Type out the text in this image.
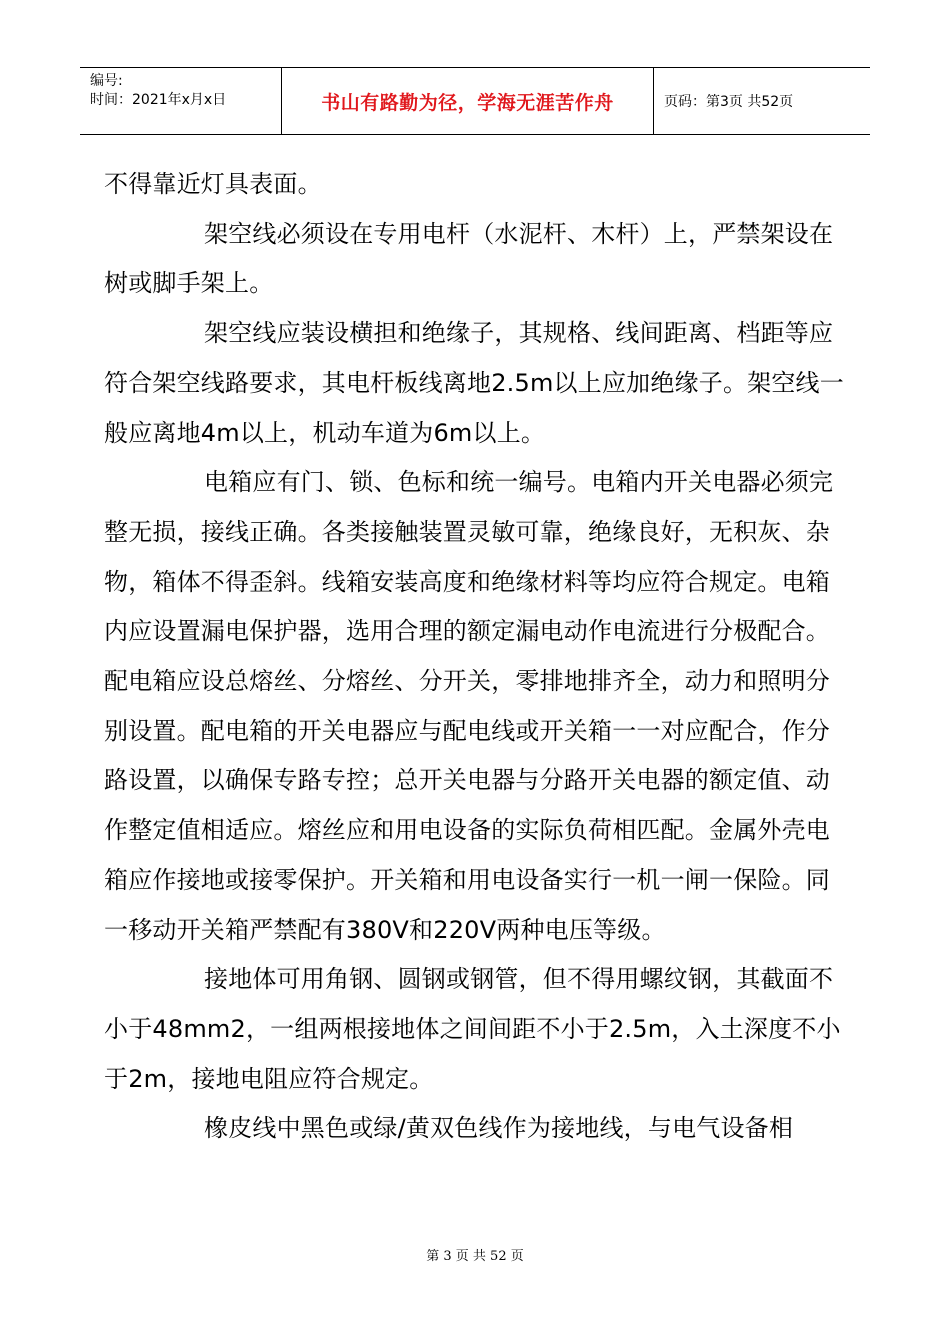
编号:
时间：2021年x月x日	书山有路勤为径，学海无涯苦作舟	页码：第3页 共52页

不得靠近灯具表面。

架空线必须设在专用电杆（水泥杆、木杆）上，严禁架设在树或脚手架上。

架空线应装设横担和绝缘子，其规格、线间距离、档距等应符合架空线路要求，其电杆板线离地2.5m以上应加绝缘子。架空线一般应离地4m以上，机动车道为6m以上。

电箱应有门、锁、色标和统一编号。电箱内开关电器必须完整无损，接线正确。各类接触装置灵敏可靠，绝缘良好，无积灰、杂物，箱体不得歪斜。线箱安装高度和绝缘材料等均应符合规定。电箱内应设置漏电保护器，选用合理的额定漏电动作电流进行分极配合。配电箱应设总熔丝、分熔丝、分开关，零排地排齐全，动力和照明分别设置。配电箱的开关电器应与配电线或开关箱一一对应配合，作分路设置，以确保专路专控；总开关电器与分路开关电器的额定值、动作整定值相适应。熔丝应和用电设备的实际负荷相匹配。金属外壳电箱应作接地或接零保护。开关箱和用电设备实行一机一闸一保险。同一移动开关箱严禁配有380V和220V两种电压等级。

接地体可用角钢、圆钢或钢管，但不得用螺纹钢，其截面不小于48mm2，一组两根接地体之间间距不小于2.5m，入土深度不小于2m，接地电阻应符合规定。

橡皮线中黑色或绿/黄双色线作为接地线，与电气设备相

第 3 页 共 52 页
